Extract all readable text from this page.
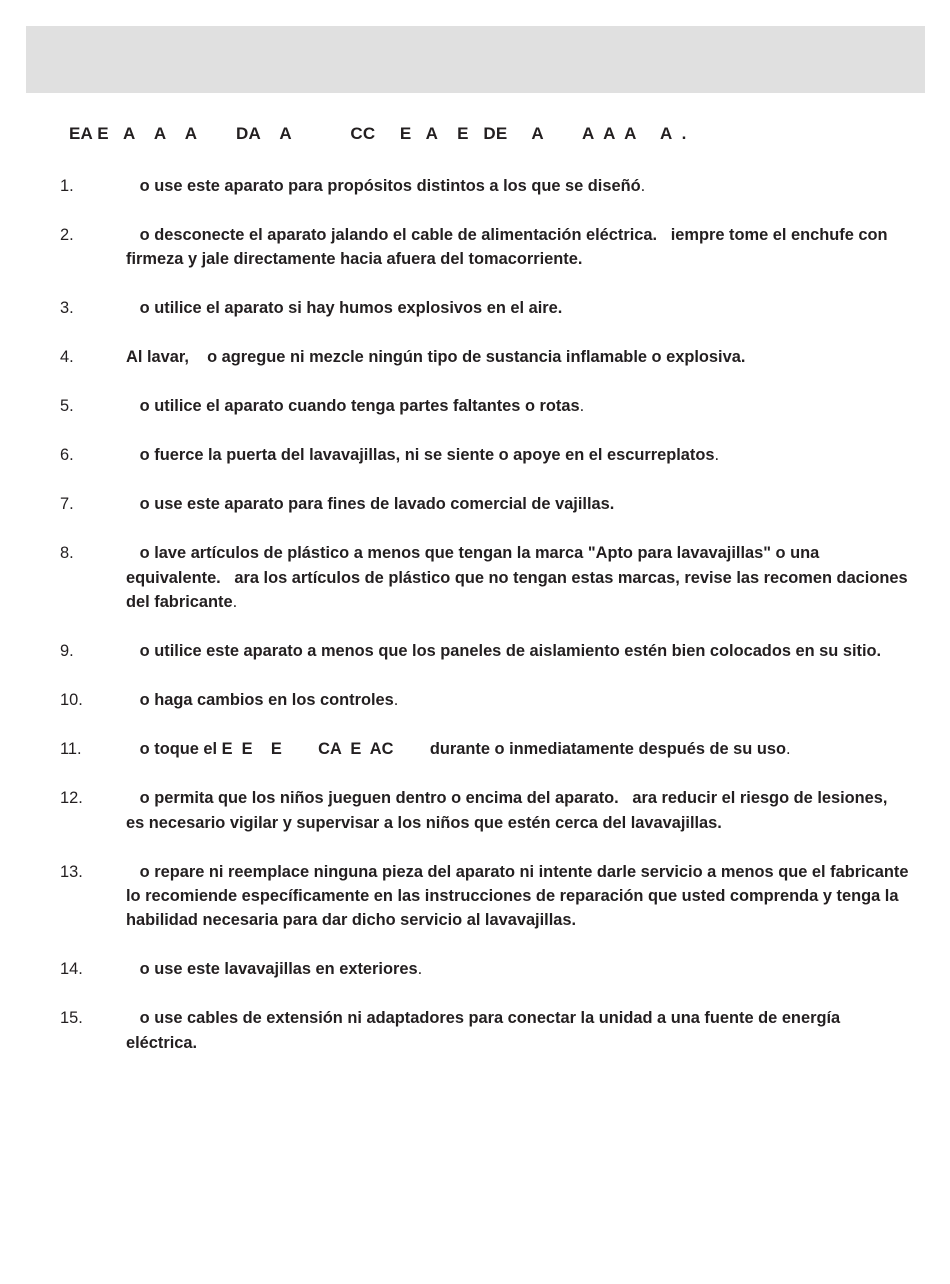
EA E   A    A    A        DA    A            CC     E   A    E   DE     A        A  A  A     A  .
1.	o use este aparato para propósitos distintos a los que se diseñó.
2.	o desconecte el aparato jalando el cable de alimentación eléctrica.   iempre tome el enchufe con firmeza y jale directamente hacia afuera del tomacorriente.
3.	o utilice el aparato si hay humos explosivos en el aire.
4.	Al lavar,    o agregue ni mezcle ningún tipo de sustancia inflamable o explosiva.
5.	o utilice el aparato cuando tenga partes faltantes o rotas.
6.	o fuerce la puerta del lavavajillas, ni se siente o apoye en el escurreplatos.
7.	o use este aparato para fines de lavado comercial de vajillas.
8.	o lave artículos de plástico a menos que tengan la marca "Apto para lavavajillas" o una equivalente.   ara los artículos de plástico que no tengan estas marcas, revise las recomen daciones del fabricante.
9.	o utilice este aparato a menos que los paneles de aislamiento estén bien colocados en su sitio.
10.	o haga cambios en los controles.
11.	o toque el E  E    E        CA  E  AC        durante o inmediatamente después de su uso.
12.	o permita que los niños jueguen dentro o encima del aparato.   ara reducir el riesgo de lesiones, es necesario vigilar y supervisar a los niños que estén cerca del lavavajillas.
13.	o repare ni reemplace ninguna pieza del aparato ni intente darle servicio a menos que el fabricante lo recomiende específicamente en las instrucciones de reparación que usted comprenda y tenga la habilidad necesaria para dar dicho servicio al lavavajillas.
14.	o use este lavavajillas en exteriores.
15.	o use cables de extensión ni adaptadores para conectar la unidad a una fuente de energía eléctrica.
